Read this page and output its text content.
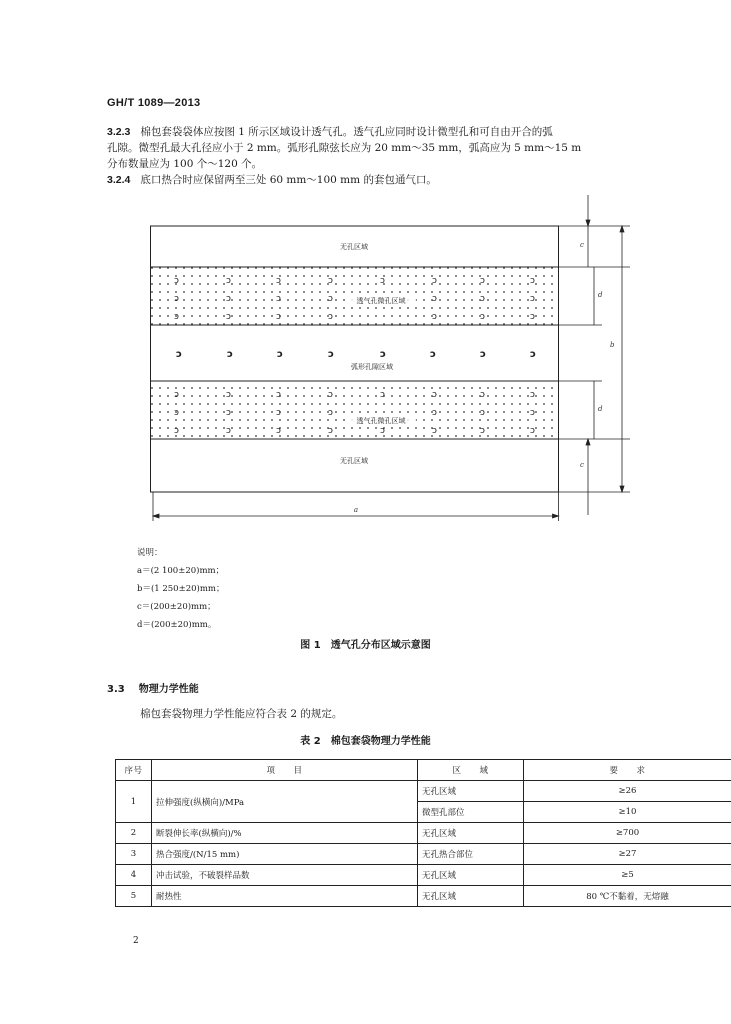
GH/T 1089—2013
3.2.3 棉包套袋袋体应按图 1 所示区域设计透气孔。透气孔应同时设计微型孔和可自由开合的弧
孔隙。微型孔最大孔径应小于 2 mm。弧形孔隙弦长应为 20 mm～35 mm，弧高应为 5 mm～15 m
分布数量应为 100 个～120 个。
3.2.4 底口热合时应保留两至三处 60 mm～100 mm 的套包通气口。
ɔ	ɔ	ɔ	ɔ	ɔ	ɔ	ɔ	ɔ
ɔ	ɔ	ɔ	ɔ	ɔ	ɔ	ɔ
ɔ	ɔ	ɔ	ɔ	ɔ	ɔ	ɔ
ɔ	ɔ	ɔ	ɔ	ɔ	ɔ	ɔ	ɔ
ɔ	ɔ	ɔ	ɔ	ɔ	ɔ	ɔ
ɔ	ɔ	ɔ	ɔ	ɔ	ɔ	ɔ	ɔ
ɔ	ɔ	ɔ	ɔ	ɔ	ɔ	ɔ	ɔ
无孔区域
透气孔微孔区域
弧形孔隙区域
透气孔微孔区域
无孔区域
a
c
d
b
d
c
说明：
a＝(2 100±20)mm；
b＝(1 250±20)mm；
c＝(200±20)mm；
d＝(200±20)mm。
图 1　透气孔分布区域示意图
3.3 物理力学性能
棉包套袋物理力学性能应符合表 2 的规定。
表 2　棉包套袋物理力学性能
序号	项　　目	区　　域	要　　求
1	拉伸强度(纵横向)/MPa	无孔区域	≥26
		微型孔部位	≥10
2	断裂伸长率(纵横向)/%	无孔区域	≥700
3	热合强度/(N/15 mm)	无孔热合部位	≥27
4	冲击试验，不破裂样品数	无孔区域	≥5
5	耐热性	无孔区域	80 ℃不黏着，无熔融
2
